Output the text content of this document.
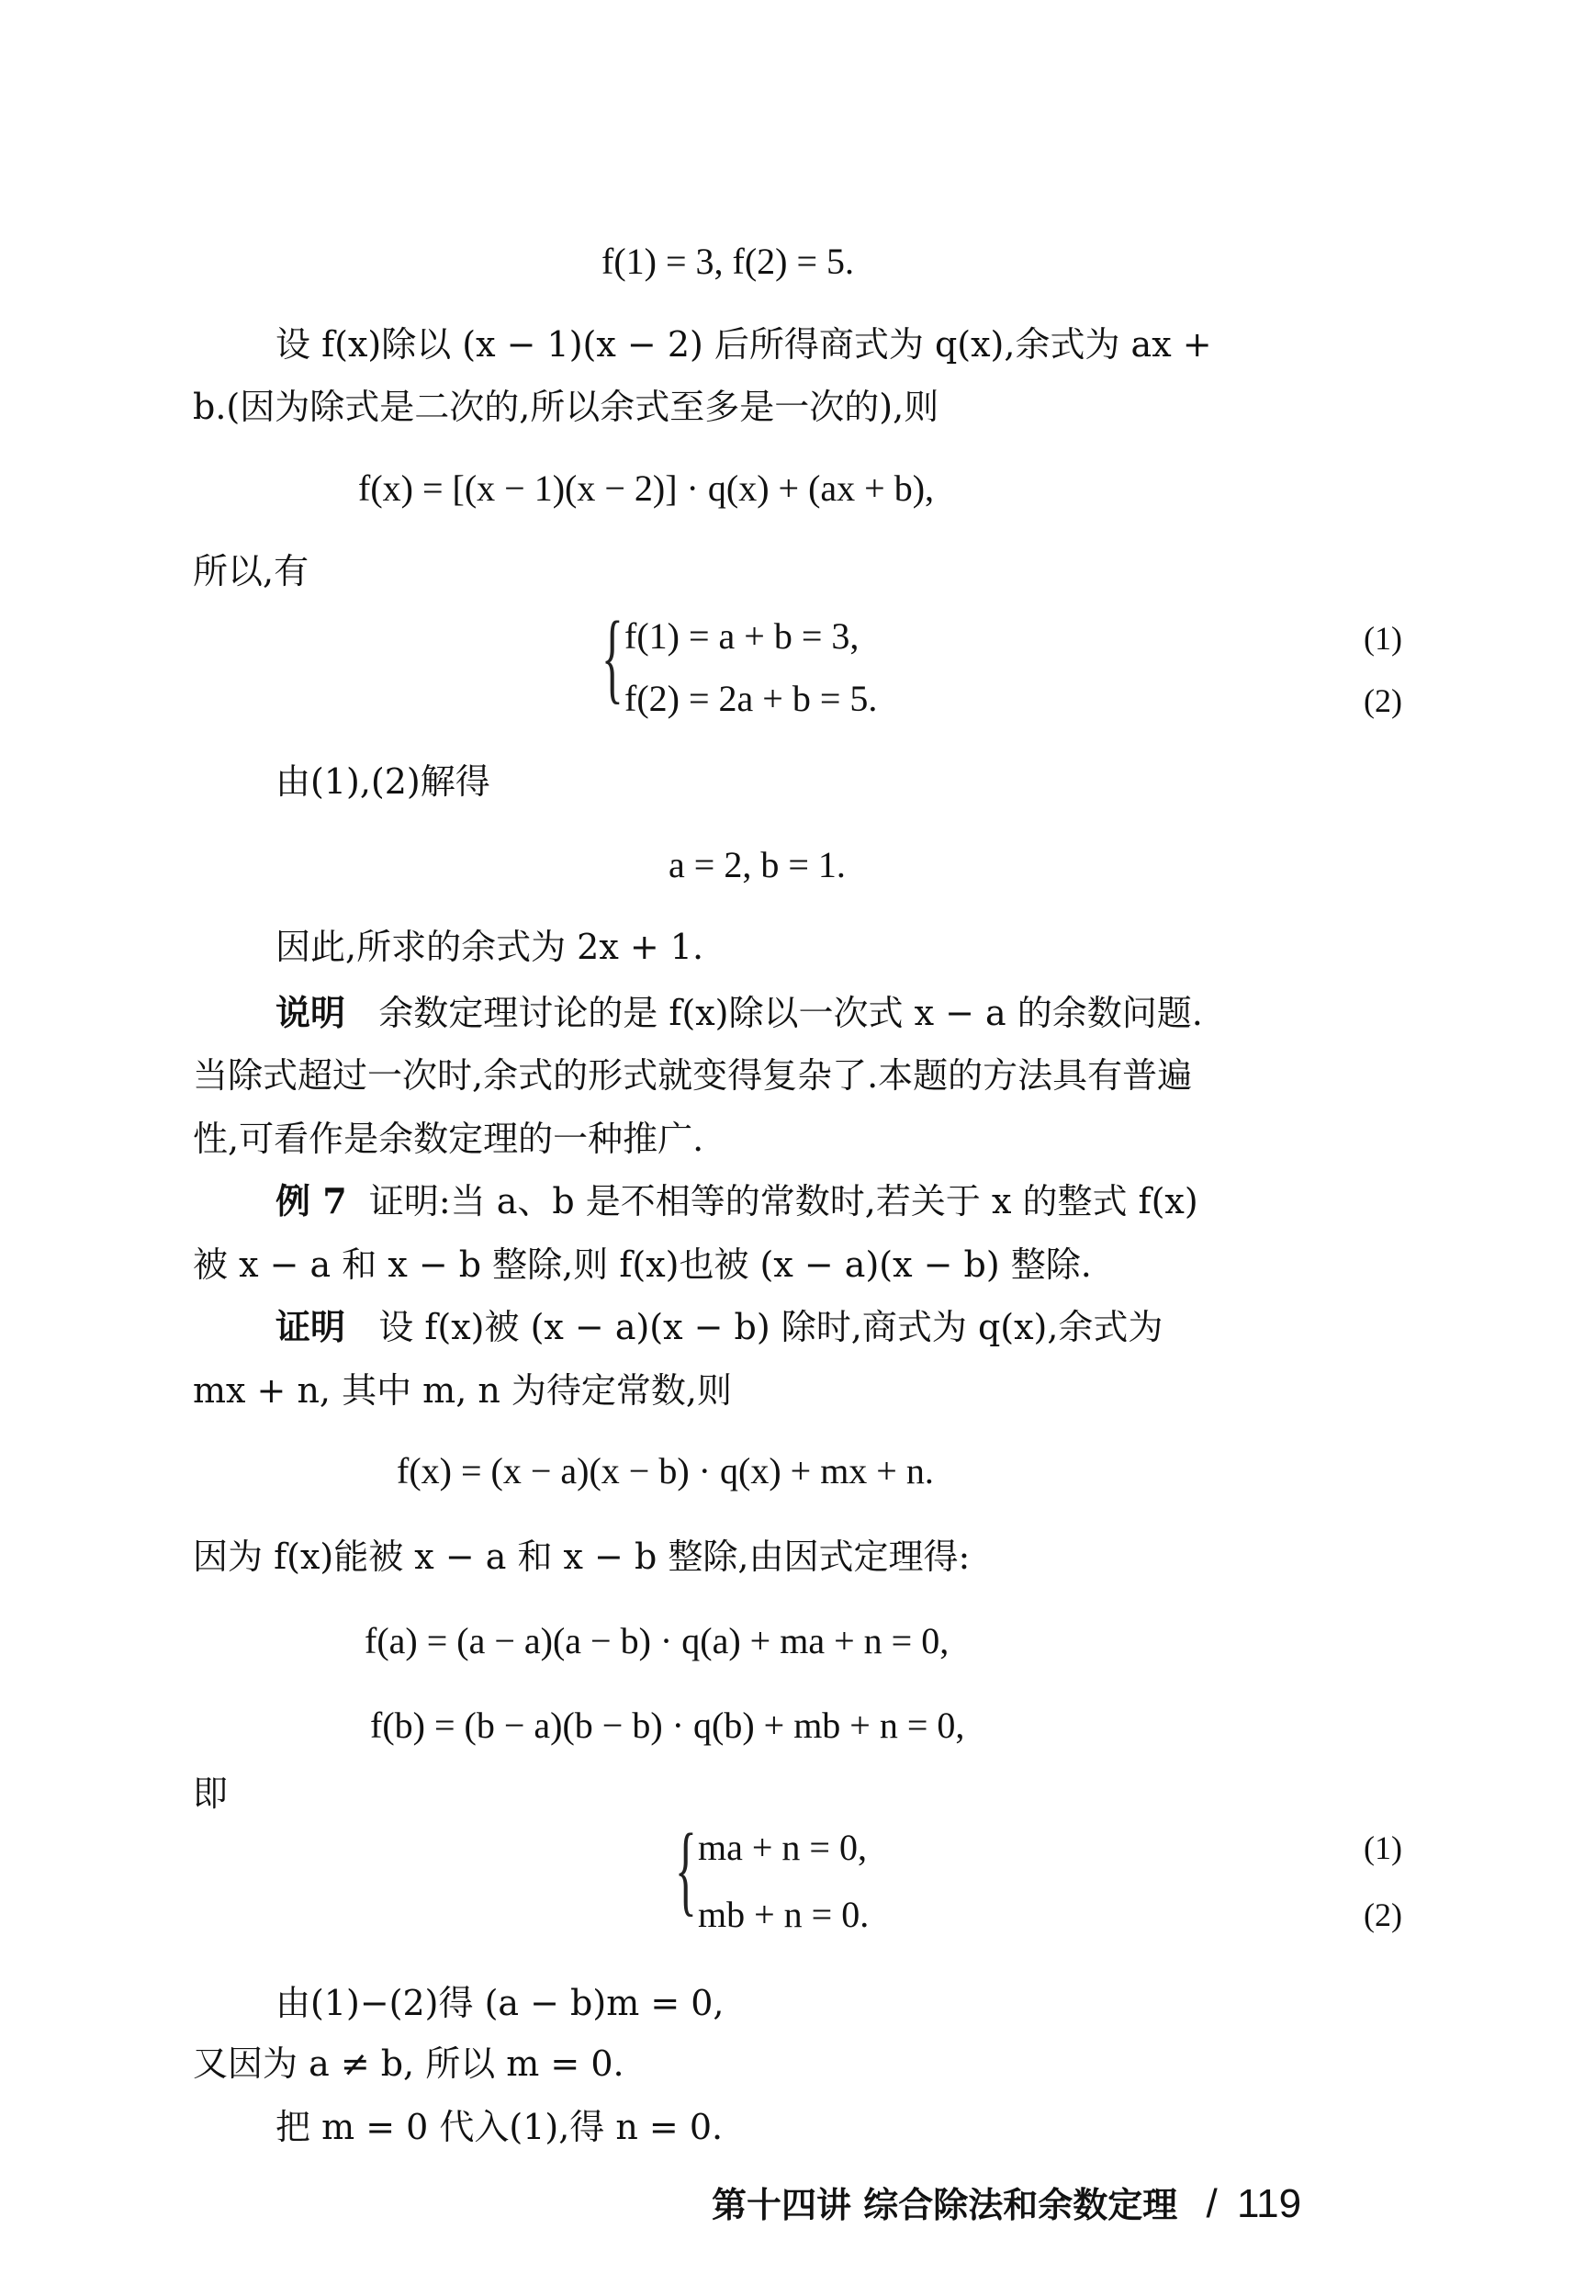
f(1) = 3, f(2) = 5.
设 f(x)除以 (x − 1)(x − 2) 后所得商式为 q(x),余式为 ax +
b.(因为除式是二次的,所以余式至多是一次的),则
f(x) = [(x − 1)(x − 2)] · q(x) + (ax + b),
所以,有
{ f(1) = a + b = 3,
f(2) = 2a + b = 5.
(1)
(2)
由(1),(2)解得
a = 2, b = 1.
因此,所求的余式为 2x + 1.
说明 余数定理讨论的是 f(x)除以一次式 x − a 的余数问题.
当除式超过一次时,余式的形式就变得复杂了.本题的方法具有普遍
性,可看作是余数定理的一种推广.
例 7 证明:当 a、b 是不相等的常数时,若关于 x 的整式 f(x)
被 x − a 和 x − b 整除,则 f(x)也被 (x − a)(x − b) 整除.
证明 设 f(x)被 (x − a)(x − b) 除时,商式为 q(x),余式为
mx + n, 其中 m, n 为待定常数,则
f(x) = (x − a)(x − b) · q(x) + mx + n.
因为 f(x)能被 x − a 和 x − b 整除,由因式定理得:
f(a) = (a − a)(a − b) · q(a) + ma + n = 0,
f(b) = (b − a)(b − b) · q(b) + mb + n = 0,
即
{ ma + n = 0,
mb + n = 0.
(1)
(2)
由(1)−(2)得 (a − b)m = 0,
又因为 a ≠ b, 所以 m = 0.
把 m = 0 代入(1),得 n = 0.
第十四讲 综合除法和余数定理 / 119
